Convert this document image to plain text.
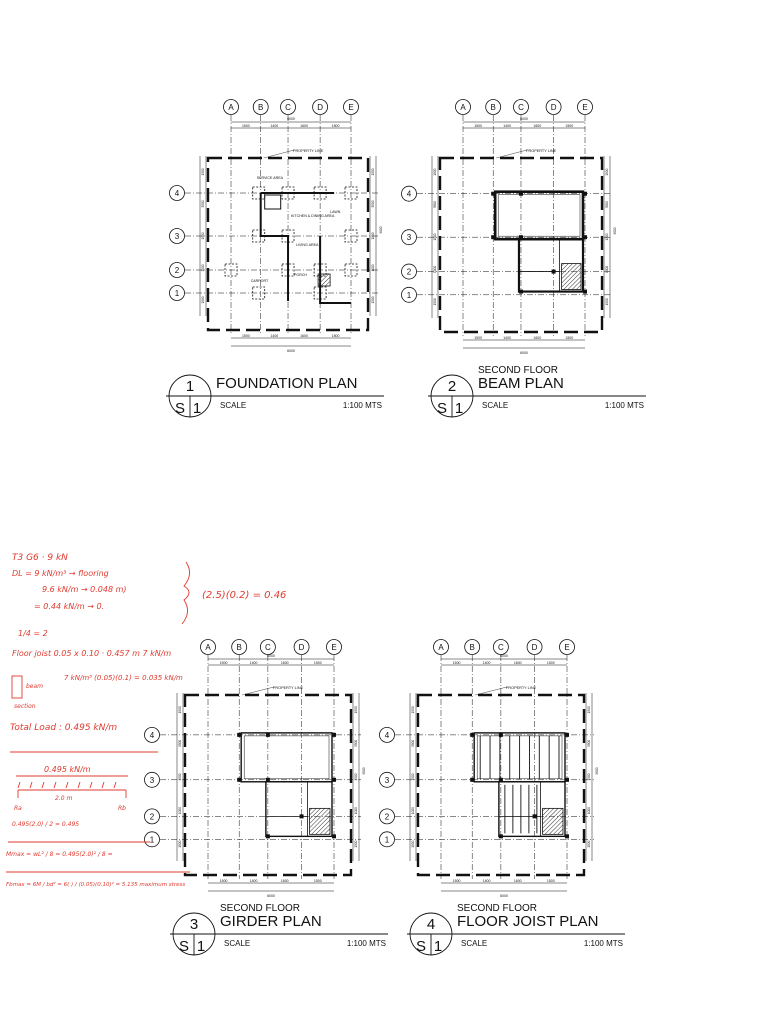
A	B	C	D	E
4
3
2
1
6000
1500	1400	1600	1500
1500	1400	1600	1500
6000
1500	1500
3500	3500
1500	1500
1000	1000
1500	1500
9000
PROPERTY LINE
SERVICE AREA
KITCHEN & DINING AREA
LAWN
LIVING AREA
CARPORT
PORCH
1
S 1
FOUNDATION PLAN
SCALE	1:100 MTS
A	B	C	D	E
4
3
2
1
6000
1500	1400	1600	1500
1500	1400	1600	1500
6000
1500	1500
3500	3500
1500	1500
1000	1000
1500	1500
9000
PROPERTY LINE
2
S 1
SECOND FLOOR
BEAM PLAN
SCALE	1:100 MTS
A	B	C	D	E
4
3
2
1
6000
1500	1400	1600	1500
1500	1400	1600	1500
6000
1500	1500
3500	3500
1500	1500
1000	1000
1500	1500
9000
PROPERTY LINE
3
S 1
SECOND FLOOR
GIRDER PLAN
SCALE	1:100 MTS
A	B	C	D	E
4
3
2
1
6000
1500	1400	1600	1500
1500	1400	1600	1500
6000
1500	1500
3500	3500
1500	1500
1000	1000
1500	1500
9000
PROPERTY LINE
4
S 1
SECOND FLOOR
FLOOR JOIST PLAN
SCALE	1:100 MTS
T3 G6 · 9 kN
DL = 9 kN/m³ → flooring
9.6 kN/m → 0.048 m)
= 0.44 kN/m → 0.
(2.5)(0.2) = 0.46
1/4 = 2
Floor joist 0.05 x 0.10 · 0.457 m 7 kN/m
7 kN/m³ (0.05)(0.1) = 0.035 kN/m
beam
section
Total Load : 0.495 kN/m
0.495 kN/m
2.0 m
Ra	Rb
0.495(2.0) / 2 = 0.495
Mmax = wL² / 8 = 0.495(2.0)² / 8 =
Fbmax = 6M / bd² = 6( ) / (0.05)(0.10)² = 5.135 maximum stress
